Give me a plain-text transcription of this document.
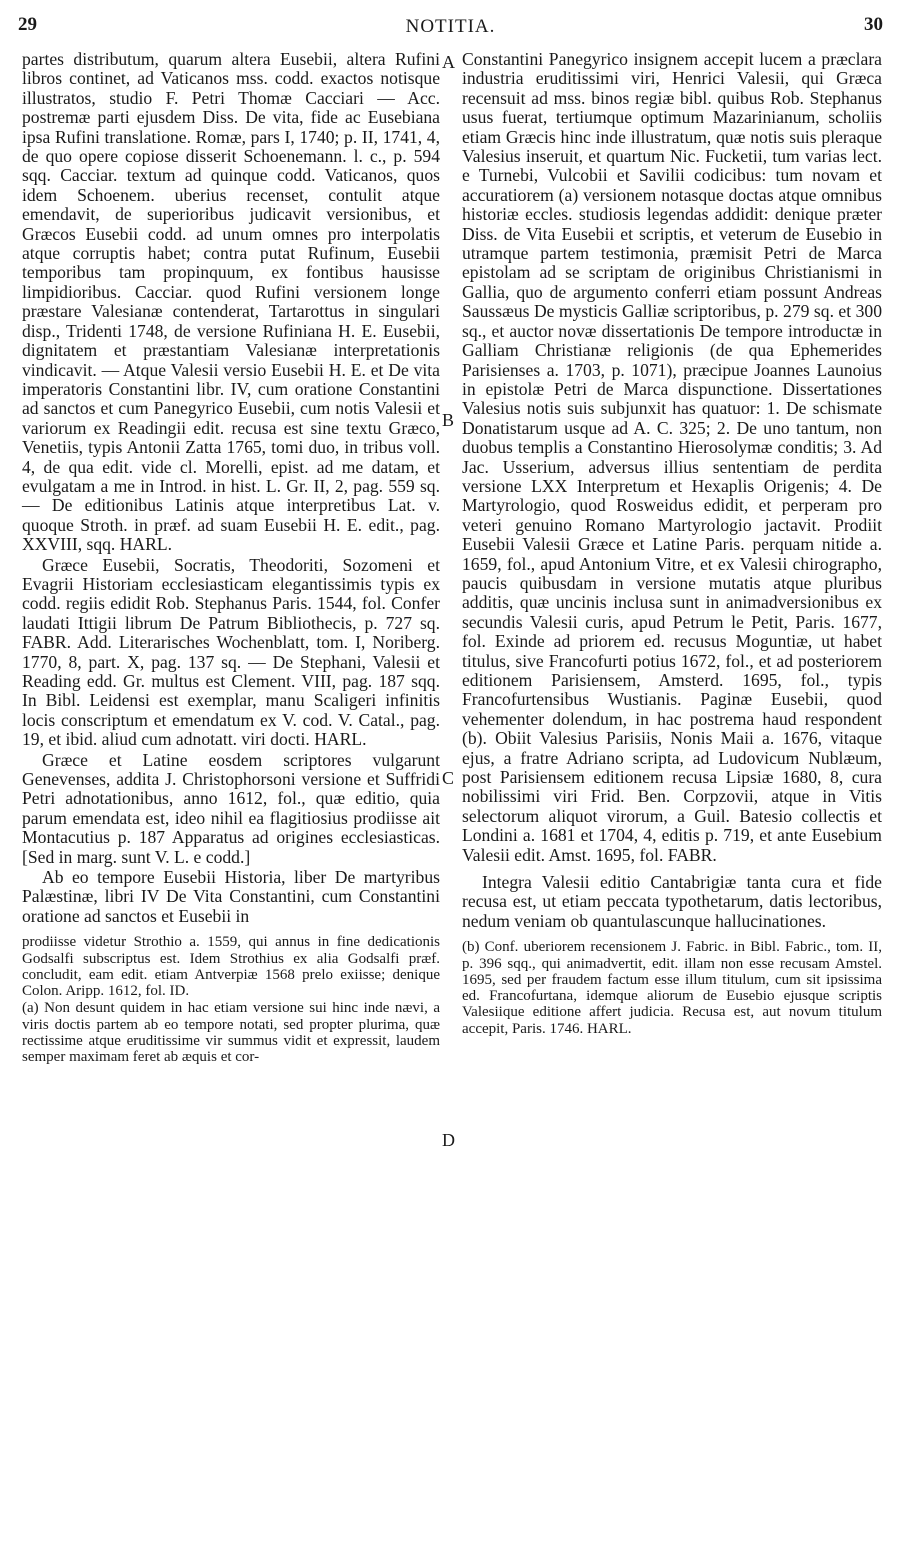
29	NOTITIA.	30
A
B
C
D

partes distributum, quarum altera Eusebii, altera Rufini libros continet, ad Vaticanos mss. codd. exactos notisque illustratos, studio F. Petri Thomæ Cacciari — Acc. postremæ parti ejusdem Diss. De vita, fide ac Eusebiana ipsa Rufini translatione. Romæ, pars I, 1740; p. II, 1741, 4, de quo opere copiose disserit Schoenemann. l. c., p. 594 sqq. Cacciar. textum ad quinque codd. Vaticanos, quos idem Schoenem. uberius recenset, contulit atque emendavit, de superioribus judicavit versionibus, et Græcos Eusebii codd. ad unum omnes pro interpolatis atque corruptis habet; contra putat Rufinum, Eusebii temporibus tam propinquum, ex fontibus hausisse limpidioribus. Cacciar. quod Rufini versionem longe præstare Valesianæ contenderat, Tartarottus in singulari disp., Tridenti 1748, de versione Rufiniana H. E. Eusebii, dignitatem et præstantiam Valesianæ interpretationis vindicavit. — Atque Valesii versio Eusebii H. E. et De vita imperatoris Constantini libr. IV, cum oratione Constantini ad sanctos et cum Panegyrico Eusebii, cum notis Valesii et variorum ex Readingii edit. recusa est sine textu Græco, Venetiis, typis Antonii Zatta 1765, tomi duo, in tribus voll. 4, de qua edit. vide cl. Morelli, epist. ad me datam, et evulgatam a me in Introd. in hist. L. Gr. II, 2, pag. 559 sq. — De editionibus Latinis atque interpretibus Lat. v. quoque Stroth. in præf. ad suam Eusebii H. E. edit., pag. XXVIII, sqq. HARL.

Græce Eusebii, Socratis, Theodoriti, Sozomeni et Evagrii Historiam ecclesiasticam elegantissimis typis ex codd. regiis edidit Rob. Stephanus Paris. 1544, fol. Confer laudati Ittigii librum De Patrum Bibliothecis, p. 727 sq. FABR. Add. Literarisches Wochenblatt, tom. I, Noriberg. 1770, 8, part. X, pag. 137 sq. — De Stephani, Valesii et Reading edd. Gr. multus est Clement. VIII, pag. 187 sqq. In Bibl. Leidensi est exemplar, manu Scaligeri infinitis locis conscriptum et emendatum ex V. cod. V. Catal., pag. 19, et ibid. aliud cum adnotatt. viri docti. HARL.

Græce et Latine eosdem scriptores vulgarunt Genevenses, addita J. Christophorsoni versione et Suffridi Petri adnotationibus, anno 1612, fol., quæ editio, quia parum emendata est, ideo nihil ea flagitiosius prodiisse ait Montacutius p. 187 Apparatus ad origines ecclesiasticas. [Sed in marg. sunt V. L. e codd.]

Ab eo tempore Eusebii Historia, liber De martyribus Palæstinæ, libri IV De Vita Constantini, cum Constantini oratione ad sanctos et Eusebii in

prodiisse videtur Strothio a. 1559, qui annus in fine dedicationis Godsalfi subscriptus est. Idem Strothius ex alia Godsalfi præf. concludit, eam edit. etiam Antverpiæ 1568 prelo exiisse; denique Colon. Aripp. 1612, fol. ID.

(a) Non desunt quidem in hac etiam versione sui hinc inde nævi, a viris doctis partem ab eo tempore notati, sed propter plurima, quæ rectissime atque eruditissime vir summus vidit et expressit, laudem semper maximam feret ab æquis et cor-

Constantini Panegyrico insignem accepit lucem a præclara industria eruditissimi viri, Henrici Valesii, qui Græca recensuit ad mss. binos regiæ bibl. quibus Rob. Stephanus usus fuerat, tertiumque optimum Mazarinianum, scholiis etiam Græcis hinc inde illustratum, quæ notis suis pleraque Valesius inseruit, et quartum Nic. Fucketii, tum varias lect. e Turnebi, Vulcobii et Savilii codicibus: tum novam et accuratiorem (a) versionem notasque doctas atque omnibus historiæ eccles. studiosis legendas addidit: denique præter Diss. de Vita Eusebii et scriptis, et veterum de Eusebio in utramque partem testimonia, præmisit Petri de Marca epistolam ad se scriptam de originibus Christianismi in Gallia, quo de argumento conferri etiam possunt Andreas Saussæus De mysticis Galliæ scriptoribus, p. 279 sq. et 300 sq., et auctor novæ dissertationis De tempore introductæ in Galliam Christianæ religionis (de qua Ephemerides Parisienses a. 1703, p. 1071), præcipue Joannes Launoius in epistolæ Petri de Marca dispunctione. Dissertationes Valesius notis suis subjunxit has quatuor: 1. De schismate Donatistarum usque ad A. C. 325; 2. De uno tantum, non duobus templis a Constantino Hierosolymæ conditis; 3. Ad Jac. Usserium, adversus illius sententiam de perdita versione LXX Interpretum et Hexaplis Origenis; 4. De Martyrologio, quod Rosweidus edidit, et perperam pro veteri genuino Romano Martyrologio jactavit. Prodiit Eusebii Valesii Græce et Latine Paris. perquam nitide a. 1659, fol., apud Antonium Vitre, et ex Valesii chirographo, paucis quibusdam in versione mutatis atque pluribus additis, quæ uncinis inclusa sunt in animadversionibus ex secundis Valesii curis, apud Petrum le Petit, Paris. 1677, fol. Exinde ad priorem ed. recusus Moguntiæ, ut habet titulus, sive Francofurti potius 1672, fol., et ad posteriorem editionem Parisiensem, Amsterd. 1695, fol., typis Francofurtensibus Wustianis. Paginæ Eusebii, quod vehementer dolendum, in hac postrema haud respondent (b). Obiit Valesius Parisiis, Nonis Maii a. 1676, vitaque ejus, a fratre Adriano scripta, ad Ludovicum Nublæum, post Parisiensem editionem recusa Lipsiæ 1680, 8, cura nobilissimi viri Frid. Ben. Corpzovii, atque in Vitis selectorum aliquot virorum, a Guil. Batesio collectis et Londini a. 1681 et 1704, 4, editis p. 719, et ante Eusebium Valesii edit. Amst. 1695, fol. FABR.

Integra Valesii editio Cantabrigiæ tanta cura et fide recusa est, ut etiam peccata typothetarum, datis lectoribus, nedum veniam ob quantulascunque hallucinationes.

(b) Conf. uberiorem recensionem J. Fabric. in Bibl. Fabric., tom. II, p. 396 sqq., qui animadvertit, edit. illam non esse recusam Amstel. 1695, sed per fraudem factum esse illum titulum, cum sit ipsissima ed. Francofurtana, idemque aliorum de Eusebio ejusque scriptis Valesiique editione affert judicia. Recusa est, aut novum titulum accepit, Paris. 1746. HARL.
